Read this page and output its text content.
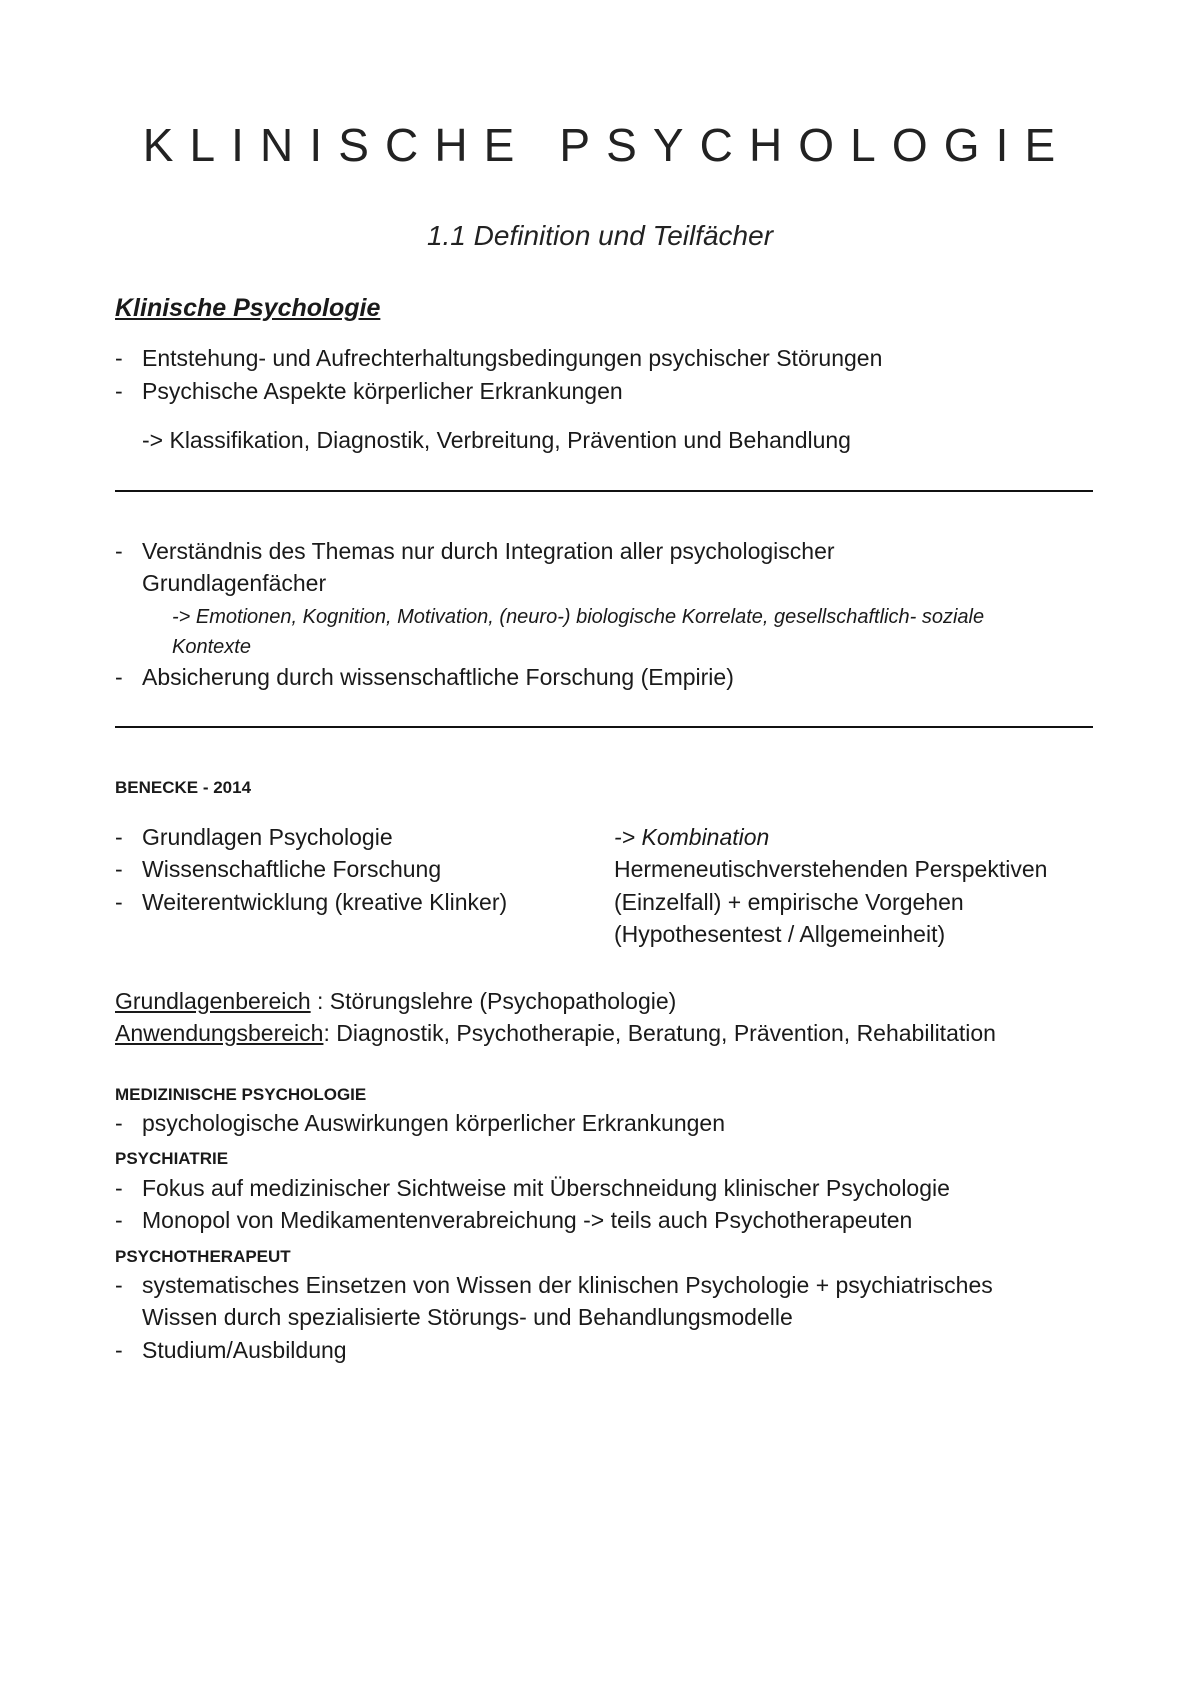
KLINISCHE PSYCHOLOGIE
1.1 Definition und Teilfächer
Klinische Psychologie
- Entstehung- und Aufrechterhaltungsbedingungen psychischer Störungen
- Psychische Aspekte körperlicher Erkrankungen
-> Klassifikation, Diagnostik, Verbreitung, Prävention und Behandlung
- Verständnis des Themas nur durch Integration aller psychologischer
Grundlagenfächer
-> Emotionen, Kognition, Motivation, (neuro-) biologische Korrelate, gesellschaftlich- soziale
Kontexte
- Absicherung durch wissenschaftliche Forschung (Empirie)
BENECKE - 2014
- Grundlagen Psychologie
- Wissenschaftliche Forschung
- Weiterentwicklung (kreative Klinker)
-> Kombination
Hermeneutischverstehenden Perspektiven
(Einzelfall) + empirische Vorgehen
(Hypothesentest / Allgemeinheit)
Grundlagenbereich : Störungslehre (Psychopathologie)
Anwendungsbereich: Diagnostik, Psychotherapie, Beratung, Prävention, Rehabilitation
MEDIZINISCHE PSYCHOLOGIE
- psychologische Auswirkungen körperlicher Erkrankungen
PSYCHIATRIE
- Fokus auf medizinischer Sichtweise mit Überschneidung klinischer Psychologie
- Monopol von Medikamentenverabreichung -> teils auch Psychotherapeuten
PSYCHOTHERAPEUT
- systematisches Einsetzen von Wissen der klinischen Psychologie + psychiatrisches
Wissen durch spezialisierte Störungs- und Behandlungsmodelle
- Studium/Ausbildung
